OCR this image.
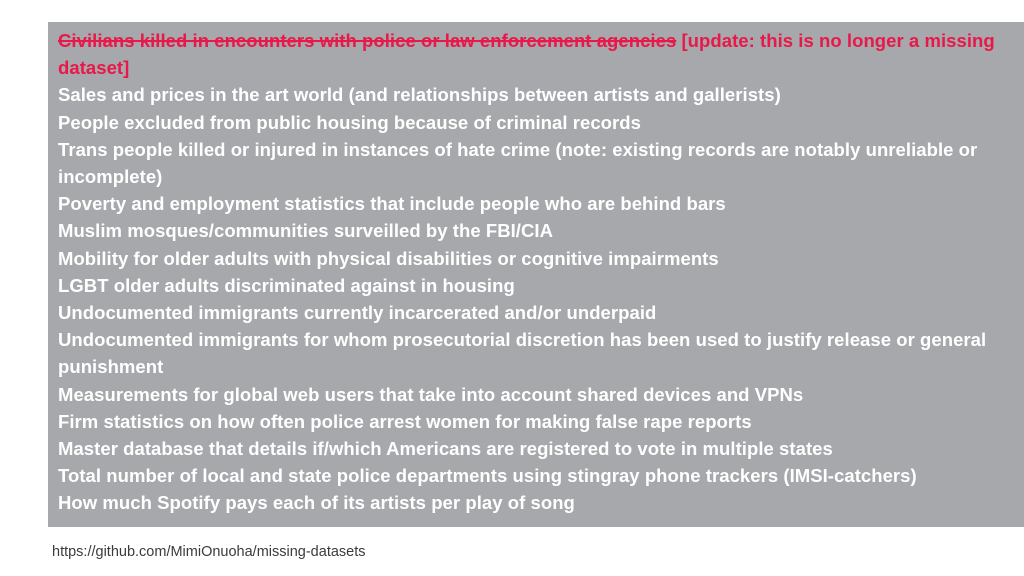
Civilians killed in encounters with police or law enforcement agencies [update: this is no longer a missing dataset]
Sales and prices in the art world (and relationships between artists and gallerists)
People excluded from public housing because of criminal records
Trans people killed or injured in instances of hate crime (note: existing records are notably unreliable or incomplete)
Poverty and employment statistics that include people who are behind bars
Muslim mosques/communities surveilled by the FBI/CIA
Mobility for older adults with physical disabilities or cognitive impairments
LGBT older adults discriminated against in housing
Undocumented immigrants currently incarcerated and/or underpaid
Undocumented immigrants for whom prosecutorial discretion has been used to justify release or general punishment
Measurements for global web users that take into account shared devices and VPNs
Firm statistics on how often police arrest women for making false rape reports
Master database that details if/which Americans are registered to vote in multiple states
Total number of local and state police departments using stingray phone trackers (IMSI-catchers)
How much Spotify pays each of its artists per play of song
https://github.com/MimiOnuoha/missing-datasets
